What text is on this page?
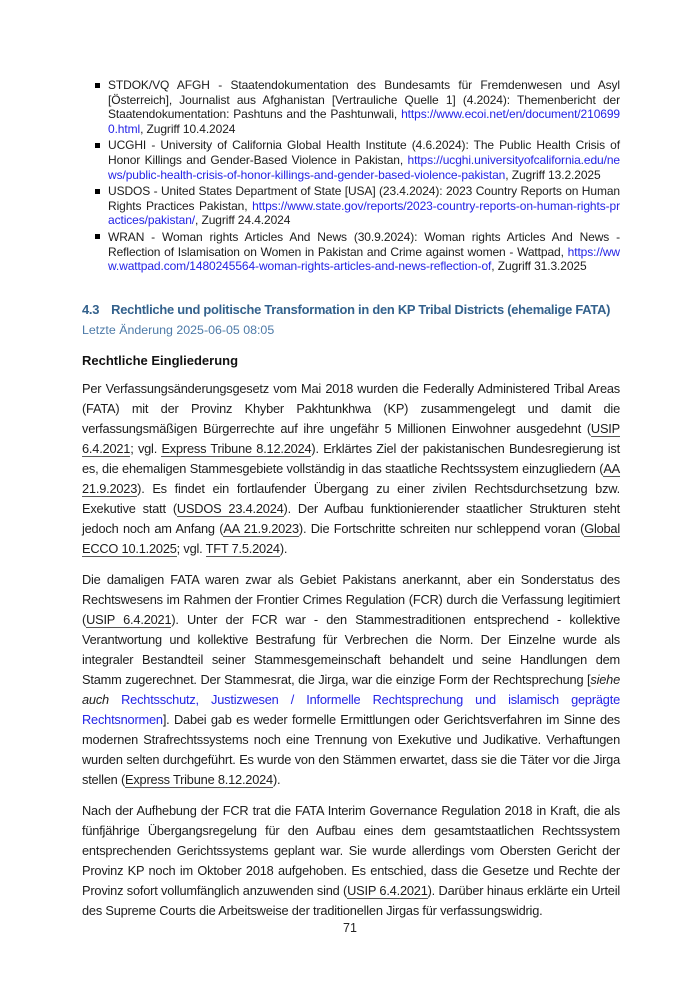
STDOK/VQ AFGH - Staatendokumentation des Bundesamts für Fremdenwesen und Asyl [Österreich], Journalist aus Afghanistan [Vertrauliche Quelle 1] (4.2024): Themenbericht der Staatendokumentation: Pashtuns and the Pashtunwali, https://www.ecoi.net/en/document/2106990.html, Zugriff 10.4.2024
UCGHI - University of California Global Health Institute (4.6.2024): The Public Health Crisis of Honor Killings and Gender-Based Violence in Pakistan, https://ucghi.universityofcalifornia.edu/news/public-health-crisis-of-honor-killings-and-gender-based-violence-pakistan, Zugriff 13.2.2025
USDOS - United States Department of State [USA] (23.4.2024): 2023 Country Reports on Human Rights Practices Pakistan, https://www.state.gov/reports/2023-country-reports-on-human-rights-practices/pakistan/, Zugriff 24.4.2024
WRAN - Woman rights Articles And News (30.9.2024): Woman rights Articles And News - Reflection of Islamisation on Women in Pakistan and Crime against women - Wattpad, https://www.wattpad.com/1480245564-woman-rights-articles-and-news-reflection-of, Zugriff 31.3.2025
4.3 Rechtliche und politische Transformation in den KP Tribal Districts (ehemalige FATA)
Letzte Änderung 2025-06-05 08:05
Rechtliche Eingliederung

Per Verfassungsänderungsgesetz vom Mai 2018 wurden die Federally Administered Tribal Areas (FATA) mit der Provinz Khyber Pakhtunkhwa (KP) zusammengelegt und damit die verfassungsmäßigen Bürgerrechte auf ihre ungefähr 5 Millionen Einwohner ausgedehnt (USIP 6.4.2021; vgl. Express Tribune 8.12.2024). Erklärtes Ziel der pakistanischen Bundesregierung ist es, die ehemaligen Stammesgebiete vollständig in das staatliche Rechtssystem einzugliedern (AA 21.9.2023). Es findet ein fortlaufender Übergang zu einer zivilen Rechtsdurchsetzung bzw. Exekutive statt (USDOS 23.4.2024). Der Aufbau funktionierender staatlicher Strukturen steht jedoch noch am Anfang (AA 21.9.2023). Die Fortschritte schreiten nur schleppend voran (Global ECCO 10.1.2025; vgl. TFT 7.5.2024).

Die damaligen FATA waren zwar als Gebiet Pakistans anerkannt, aber ein Sonderstatus des Rechtswesens im Rahmen der Frontier Crimes Regulation (FCR) durch die Verfassung legitimiert (USIP 6.4.2021). Unter der FCR war - den Stammestraditionen entsprechend - kollektive Verantwortung und kollektive Bestrafung für Verbrechen die Norm. Der Einzelne wurde als integraler Bestandteil seiner Stammesgemeinschaft behandelt und seine Handlungen dem Stamm zugerechnet. Der Stammesrat, die Jirga, war die einzige Form der Rechtsprechung [siehe auch Rechtsschutz, Justizwesen / Informelle Rechtsprechung und islamisch geprägte Rechtsnormen]. Dabei gab es weder formelle Ermittlungen oder Gerichtsverfahren im Sinne des modernen Strafrechtssystems noch eine Trennung von Exekutive und Judikative. Verhaftungen wurden selten durchgeführt. Es wurde von den Stämmen erwartet, dass sie die Täter vor die Jirga stellen (Express Tribune 8.12.2024).

Nach der Aufhebung der FCR trat die FATA Interim Governance Regulation 2018 in Kraft, die als fünfjährige Übergangsregelung für den Aufbau eines dem gesamtstaatlichen Rechtssystem entsprechenden Gerichtssystems geplant war. Sie wurde allerdings vom Obersten Gericht der Provinz KP noch im Oktober 2018 aufgehoben. Es entschied, dass die Gesetze und Rechte der Provinz sofort vollumfänglich anzuwenden sind (USIP 6.4.2021). Darüber hinaus erklärte ein Urteil des Supreme Courts die Arbeitsweise der traditionellen Jirgas für verfassungswidrig.

71
